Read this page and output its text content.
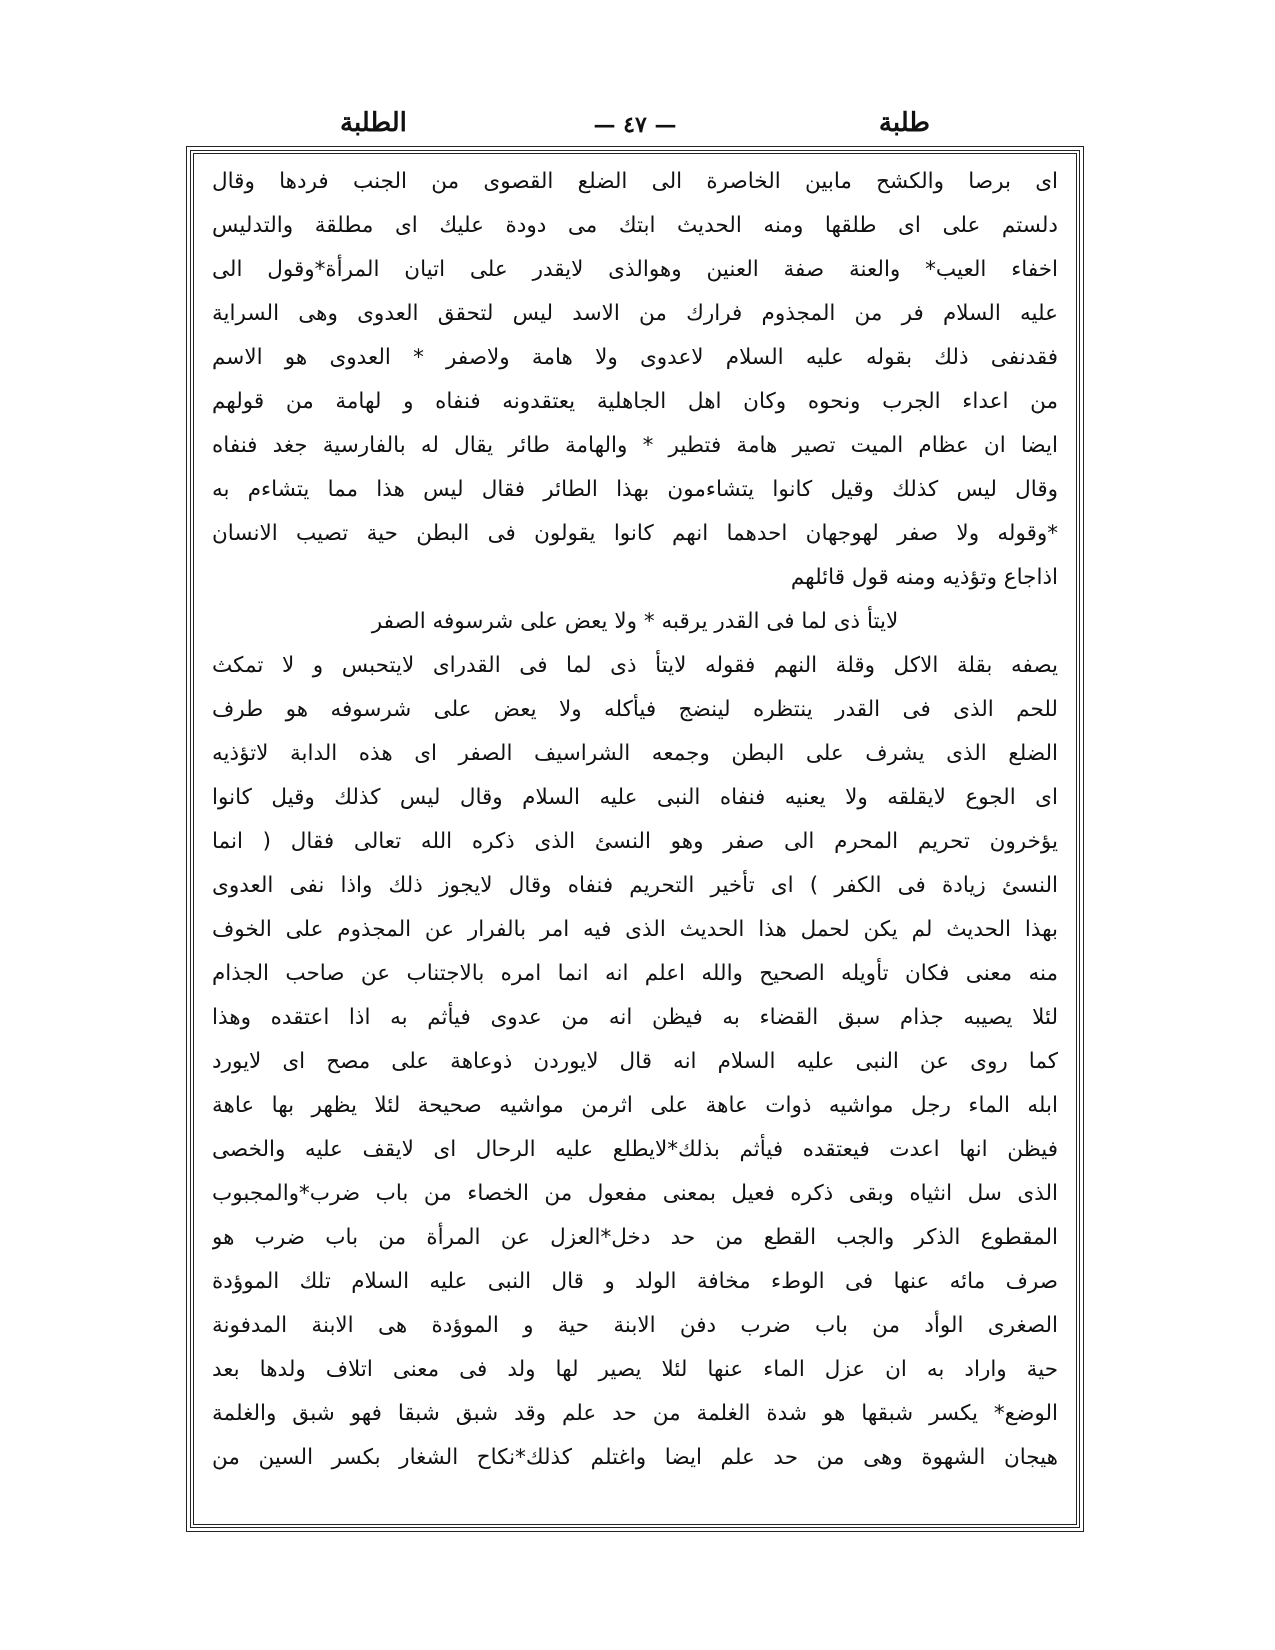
طلبة
— ٤٧ —
الطلبة
اى برصا والكشح مابين الخاصرة الى الضلع القصوى من الجنب فردها وقال
دلستم على اى طلقها ومنه الحديث ابتك مى دودة عليك اى مطلقة والتدليس
اخفاء العيب* والعنة صفة العنين وهوالذى لايقدر على اتيان المرأة*وقول الى
عليه السلام فر من المجذوم فرارك من الاسد ليس لتحقق العدوى وهى السراية
فقدنفى ذلك بقوله عليه السلام لاعدوى ولا هامة ولاصفر * العدوى هو الاسم
من اعداء الجرب ونحوه وكان اهل الجاهلية يعتقدونه فنفاه و لهامة من قولهم
ايضا ان عظام الميت تصير هامة فتطير * والهامة طائر يقال له بالفارسية جغد فنفاه
وقال ليس كذلك وقيل كانوا يتشاءمون بهذا الطائر فقال ليس هذا مما يتشاءم به
*وقوله ولا صفر لهوجهان احدهما انهم كانوا يقولون فى البطن حية تصيب الانسان
اذاجاع وتؤذيه ومنه قول قائلهم
لايتأ ذى لما فى القدر يرقبه * ولا يعض على شرسوفه الصفر
يصفه بقلة الاكل وقلة النهم فقوله لايتأ ذى لما فى القدراى لايتحبس و لا تمكث
للحم الذى فى القدر ينتظره لينضج فيأكله ولا يعض على شرسوفه هو طرف
الضلع الذى يشرف على البطن وجمعه الشراسيف الصفر اى هذه الدابة لاتؤذيه
اى الجوع لايقلقه ولا يعنيه فنفاه النبى عليه السلام وقال ليس كذلك وقيل كانوا
يؤخرون تحريم المحرم الى صفر وهو النسئ الذى ذكره الله تعالى فقال ( انما
النسئ زيادة فى الكفر ) اى تأخير التحريم فنفاه وقال لايجوز ذلك واذا نفى العدوى
بهذا الحديث لم يكن لحمل هذا الحديث الذى فيه امر بالفرار عن المجذوم على الخوف
منه معنى فكان تأويله الصحيح والله اعلم انه انما امره بالاجتناب عن صاحب الجذام
لئلا يصيبه جذام سبق القضاء به فيظن انه من عدوى فيأثم به اذا اعتقده وهذا
كما روى عن النبى عليه السلام انه قال لايوردن ذوعاهة على مصح اى لايورد
ابله الماء رجل مواشيه ذوات عاهة على اثرمن مواشيه صحيحة لئلا يظهر بها عاهة
فيظن انها اعدت فيعتقده فيأثم بذلك*لايطلع عليه الرحال اى لايقف عليه والخصى
الذى سل انثياه وبقى ذكره فعيل بمعنى مفعول من الخصاء من باب ضرب*والمجبوب
المقطوع الذكر والجب القطع من حد دخل*العزل عن المرأة من باب ضرب هو
صرف مائه عنها فى الوطء مخافة الولد و قال النبى عليه السلام تلك الموؤدة
الصغرى الوأد من باب ضرب دفن الابنة حية و الموؤدة هى الابنة المدفونة
حية واراد به ان عزل الماء عنها لئلا يصير لها ولد فى معنى اتلاف ولدها بعد
الوضع* يكسر شبقها هو شدة الغلمة من حد علم وقد شبق شبقا فهو شبق والغلمة
هيجان الشهوة وهى من حد علم ايضا واغتلم كذلك*نكاح الشغار بكسر السين من
